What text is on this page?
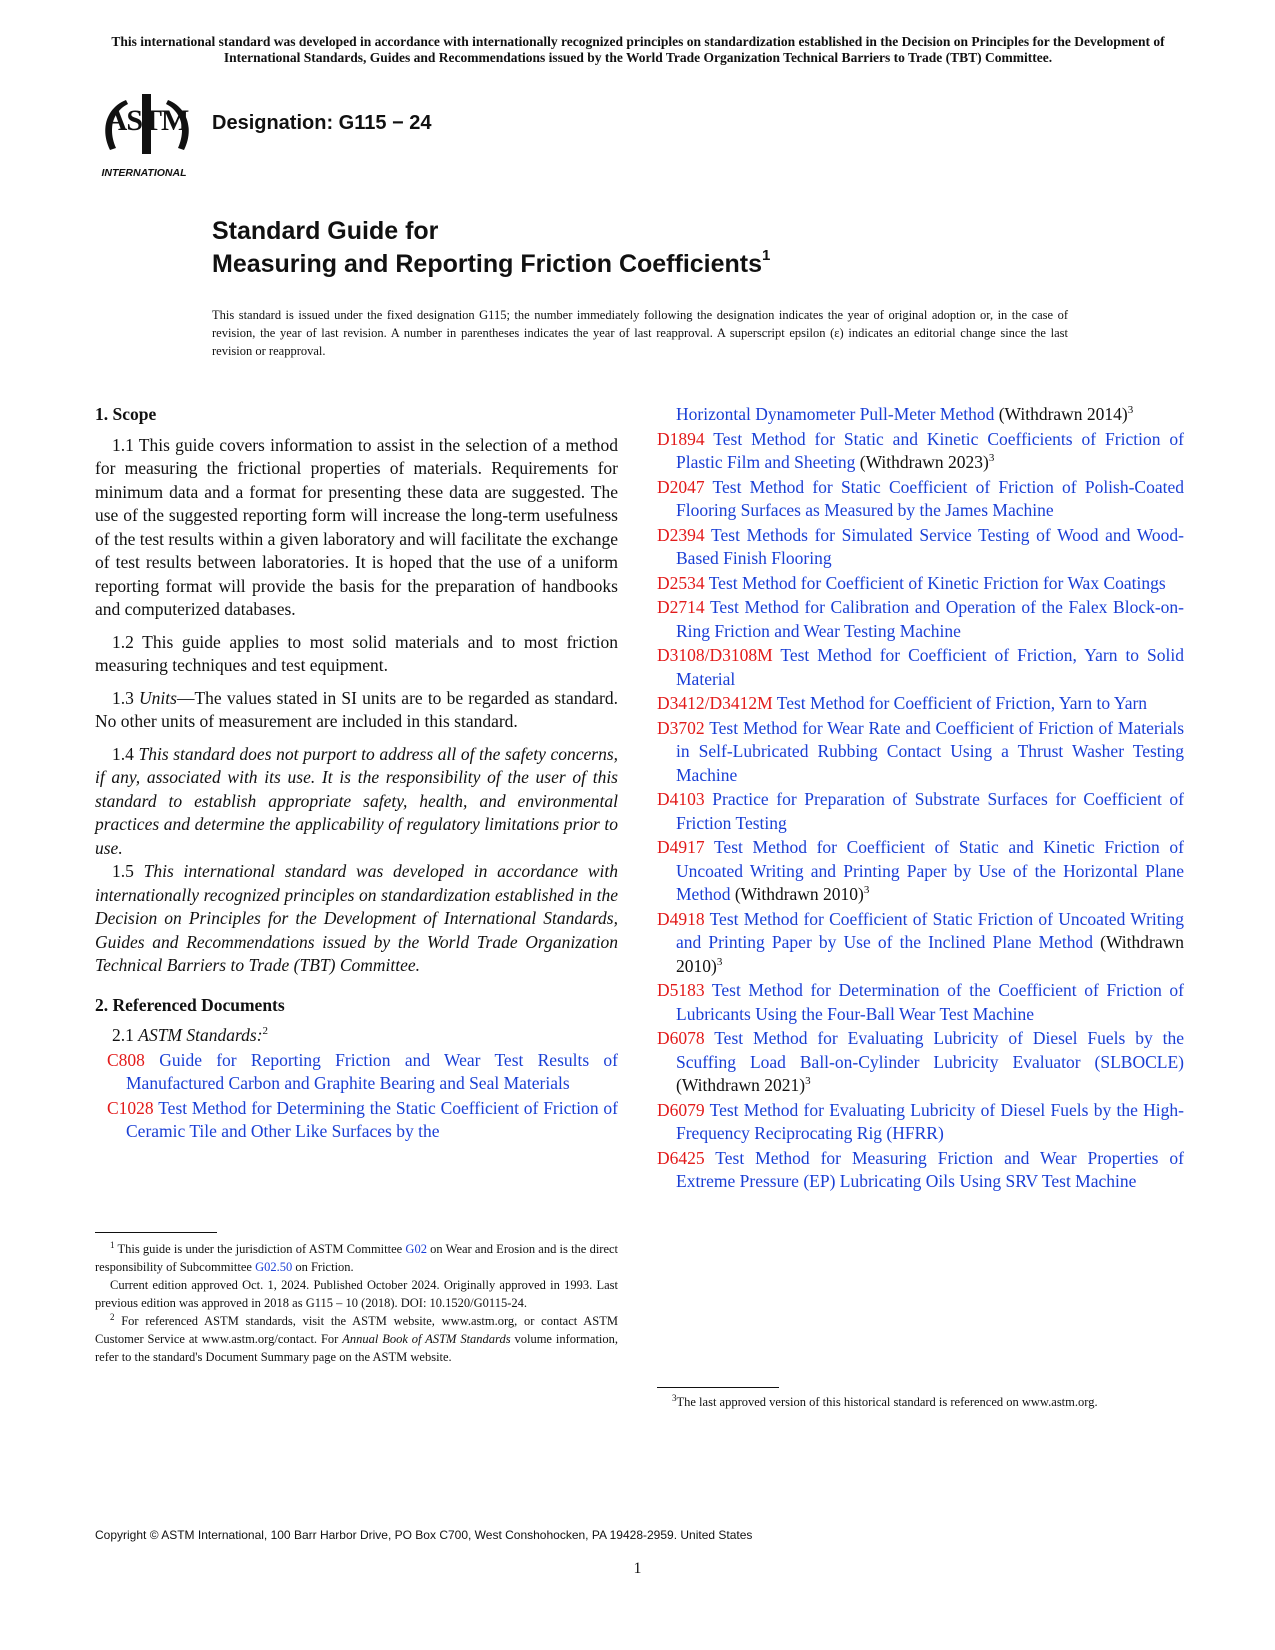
This international standard was developed in accordance with internationally recognized principles on standardization established in the Decision on Principles for the Development of International Standards, Guides and Recommendations issued by the World Trade Organization Technical Barriers to Trade (TBT) Committee.
ASTM
INTERNATIONAL
Designation: G115 − 24
Standard Guide for
Measuring and Reporting Friction Coefficients$^1$
This standard is issued under the fixed designation G115; the number immediately following the designation indicates the year of original adoption or, in the case of revision, the year of last revision. A number in parentheses indicates the year of last reapproval. A superscript epsilon (ε) indicates an editorial change since the last revision or reapproval.

1. Scope

1.1 This guide covers information to assist in the selection of a method for measuring the frictional properties of materials. Requirements for minimum data and a format for presenting these data are suggested. The use of the suggested reporting form will increase the long-term usefulness of the test results within a given laboratory and will facilitate the exchange of test results between laboratories. It is hoped that the use of a uniform reporting format will provide the basis for the preparation of handbooks and computerized databases.

1.2 This guide applies to most solid materials and to most friction measuring techniques and test equipment.

1.3 Units—The values stated in SI units are to be regarded as standard. No other units of measurement are included in this standard.

1.4 This standard does not purport to address all of the safety concerns, if any, associated with its use. It is the responsibility of the user of this standard to establish appropriate safety, health, and environmental practices and determine the applicability of regulatory limitations prior to use.

1.5 This international standard was developed in accordance with internationally recognized principles on standardization established in the Decision on Principles for the Development of International Standards, Guides and Recommendations issued by the World Trade Organization Technical Barriers to Trade (TBT) Committee.

2. Referenced Documents

2.1 ASTM Standards:$^2$

C808 Guide for Reporting Friction and Wear Test Results of Manufactured Carbon and Graphite Bearing and Seal Materials
C1028 Test Method for Determining the Static Coefficient of Friction of Ceramic Tile and Other Like Surfaces by the
Horizontal Dynamometer Pull-Meter Method (Withdrawn 2014)$^3$
D1894 Test Method for Static and Kinetic Coefficients of Friction of Plastic Film and Sheeting (Withdrawn 2023)$^3$
D2047 Test Method for Static Coefficient of Friction of Polish-Coated Flooring Surfaces as Measured by the James Machine
D2394 Test Methods for Simulated Service Testing of Wood and Wood-Based Finish Flooring
D2534 Test Method for Coefficient of Kinetic Friction for Wax Coatings
D2714 Test Method for Calibration and Operation of the Falex Block-on-Ring Friction and Wear Testing Machine
D3108/D3108M Test Method for Coefficient of Friction, Yarn to Solid Material
D3412/D3412M Test Method for Coefficient of Friction, Yarn to Yarn
D3702 Test Method for Wear Rate and Coefficient of Friction of Materials in Self-Lubricated Rubbing Contact Using a Thrust Washer Testing Machine
D4103 Practice for Preparation of Substrate Surfaces for Coefficient of Friction Testing
D4917 Test Method for Coefficient of Static and Kinetic Friction of Uncoated Writing and Printing Paper by Use of the Horizontal Plane Method (Withdrawn 2010)$^3$
D4918 Test Method for Coefficient of Static Friction of Uncoated Writing and Printing Paper by Use of the Inclined Plane Method (Withdrawn 2010)$^3$
D5183 Test Method for Determination of the Coefficient of Friction of Lubricants Using the Four-Ball Wear Test Machine
D6078 Test Method for Evaluating Lubricity of Diesel Fuels by the Scuffing Load Ball-on-Cylinder Lubricity Evaluator (SLBOCLE) (Withdrawn 2021)$^3$
D6079 Test Method for Evaluating Lubricity of Diesel Fuels by the High-Frequency Reciprocating Rig (HFRR)
D6425 Test Method for Measuring Friction and Wear Properties of Extreme Pressure (EP) Lubricating Oils Using SRV Test Machine

$^1$ This guide is under the jurisdiction of ASTM Committee G02 on Wear and Erosion and is the direct responsibility of Subcommittee G02.50 on Friction.

Current edition approved Oct. 1, 2024. Published October 2024. Originally approved in 1993. Last previous edition was approved in 2018 as G115 – 10 (2018). DOI: 10.1520/G0115-24.

$^2$ For referenced ASTM standards, visit the ASTM website, www.astm.org, or contact ASTM Customer Service at www.astm.org/contact. For Annual Book of ASTM Standards volume information, refer to the standard's Document Summary page on the ASTM website.

$^3$The last approved version of this historical standard is referenced on www.astm.org.

Copyright © ASTM International, 100 Barr Harbor Drive, PO Box C700, West Conshohocken, PA 19428-2959. United States
1
